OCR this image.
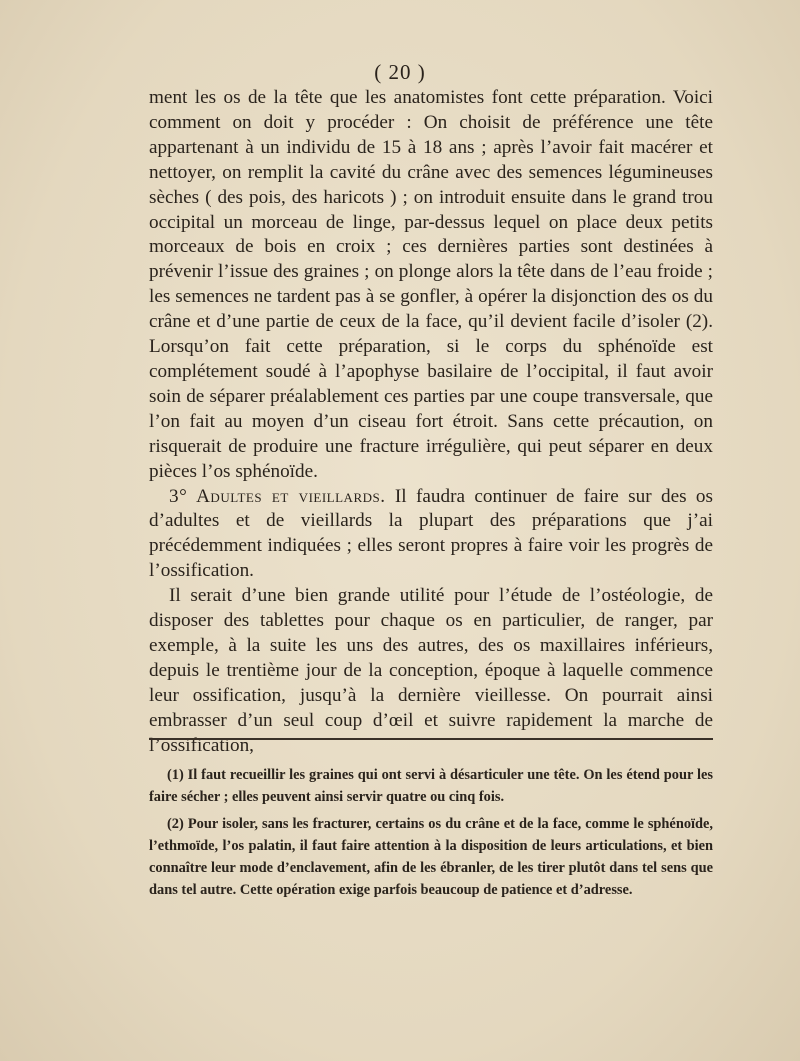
( 20 )

ment les os de la tête que les anatomistes font cette préparation. Voici comment on doit y procéder : On choisit de préférence une tête appartenant à un individu de 15 à 18 ans ; après l’avoir fait macérer et nettoyer, on remplit la cavité du crâne avec des semences légumineuses sèches ( des pois, des haricots ) ; on introduit ensuite dans le grand trou occipital un morceau de linge, par-dessus lequel on place deux petits morceaux de bois en croix ; ces dernières parties sont destinées à prévenir l’issue des graines ; on plonge alors la tête dans de l’eau froide ; les semences ne tardent pas à se gonfler, à opérer la disjonction des os du crâne et d’une partie de ceux de la face, qu’il devient facile d’isoler (2). Lorsqu’on fait cette préparation, si le corps du sphénoïde est complétement soudé à l’apophyse basilaire de l’occipital, il faut avoir soin de séparer préalablement ces parties par une coupe transversale, que l’on fait au moyen d’un ciseau fort étroit. Sans cette précaution, on risquerait de produire une fracture irrégulière, qui peut séparer en deux pièces l’os sphénoïde.

3° Adultes et vieillards. Il faudra continuer de faire sur des os d’adultes et de vieillards la plupart des préparations que j’ai précédemment indiquées ; elles seront propres à faire voir les progrès de l’ossification.

Il serait d’une bien grande utilité pour l’étude de l’ostéologie, de disposer des tablettes pour chaque os en particulier, de ranger, par exemple, à la suite les uns des autres, des os maxillaires inférieurs, depuis le trentième jour de la conception, époque à laquelle commence leur ossification, jusqu’à la dernière vieillesse. On pourrait ainsi embrasser d’un seul coup d’œil et suivre rapidement la marche de l’ossification,

(1) Il faut recueillir les graines qui ont servi à désarticuler une tête. On les étend pour les faire sécher ; elles peuvent ainsi servir quatre ou cinq fois.

(2) Pour isoler, sans les fracturer, certains os du crâne et de la face, comme le sphénoïde, l’ethmoïde, l’os palatin, il faut faire attention à la disposition de leurs articulations, et bien connaître leur mode d’enclavement, afin de les ébranler, de les tirer plutôt dans tel sens que dans tel autre. Cette opération exige parfois beaucoup de patience et d’adresse.
